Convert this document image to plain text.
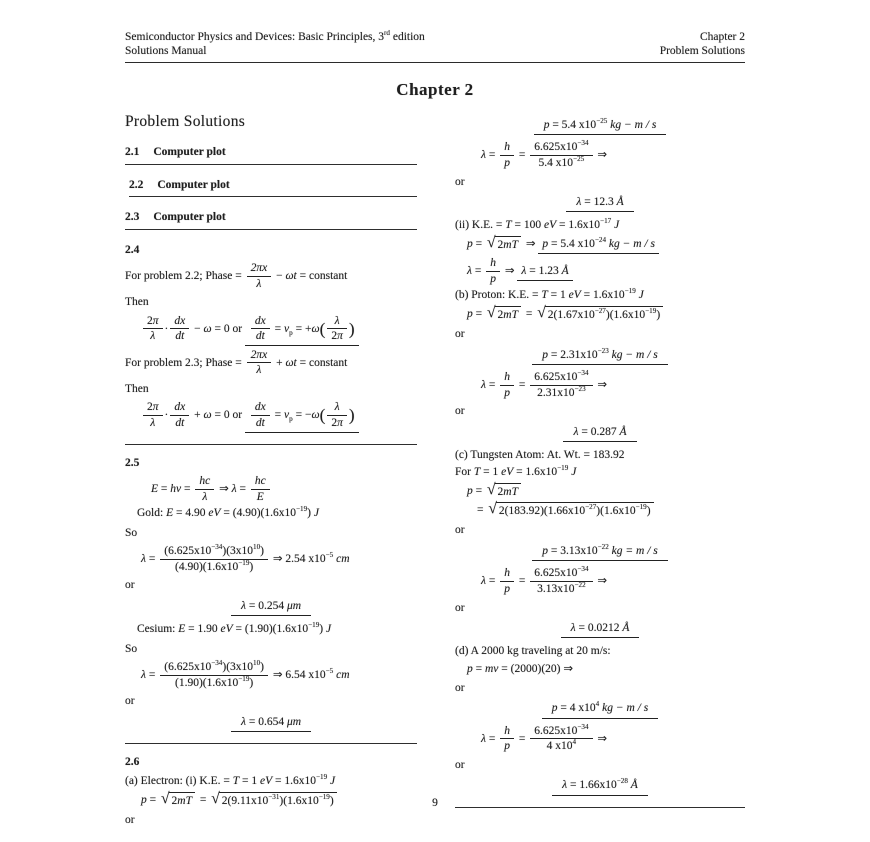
Semiconductor Physics and Devices: Basic Principles, 3rd edition
Solutions Manual
Chapter 2
Problem Solutions
Chapter 2
Problem Solutions
2.1 Computer plot
2.2 Computer plot
2.3 Computer plot
2.4
For problem 2.2; Phase = $\frac{2\pi x}{\lambda} - \omega t$ = constant
Then
$\frac{2\pi}{\lambda} \cdot \frac{dx}{dt} - \omega = 0$ or $\frac{dx}{dt} = v_p = +\omega( \frac{\lambda}{2\pi}$ )
For problem 2.3; Phase = $\frac{2\pi x}{\lambda} + \omega t$ = constant
Then
$\frac{2\pi}{\lambda} \cdot \frac{dx}{dt} + \omega = 0$ or $\frac{dx}{dt} = v_p = -\omega( \frac{\lambda}{2\pi}$ )
2.5
$E = h\nu = \frac{hc}{\lambda}$ ⇒ $\lambda = \frac{hc}{E}$
Gold: E = 4.90 eV = $(4.90)(1.6x10^{-19})$ J
So
$\lambda = \frac{(6.625x10^{-34})(3x10^{10})}{(4.90)(1.6x10^{-19})}$ ⇒ 2.54 $x10^{-5}$ cm
or
λ = 0.254 μm
Cesium: E = 1.90 eV = $(1.90)(1.6x10^{-19})$ J
So
$\lambda = \frac{(6.625x10^{-34})(3x10^{10})}{(1.90)(1.6x10^{-19})}$ ⇒ 6.54 $x10^{-5}$ cm
or
λ = 0.654 μm
2.6
(a) Electron: (i) K.E. = T = 1 eV = $1.6x10^{-19}$ J
p = √ 2mT = √ $2(9.11x10^{-31})(1.6x10^{-19})$
or
p = 5.4 $x10^{-25}$ kg − m / s
$\lambda = \frac{h}{p} = \frac{6.625x10^{-34}}{5.4 x10^{-25}}$ ⇒
or
λ = 12.3 Å
(ii) K.E. = T = 100 eV = $1.6x10^{-17}$ J
p = √ 2mT ⇒ p = 5.4 $x10^{-24}$ kg − m / s
$\lambda = \frac{h}{p}$ ⇒ λ = 1.23 Å
(b) Proton: K.E. = T = 1 eV = $1.6x10^{-19}$ J
p = √ 2mT = √ $2(1.67x10^{-27})(1.6x10^{-19})$
or
$p = 2.31x10^{-23}$ kg − m / s
$\lambda = \frac{h}{p} = \frac{6.625x10^{-34}}{2.31x10^{-23}}$ ⇒
or
λ = 0.287 Å
(c) Tungsten Atom: At. Wt. = 183.92
For T = 1 eV = $1.6x10^{-19}$ J
p = √ 2mT
= √ $2(183.92)(1.66x10^{-27})(1.6x10^{-19})$
or
$p = 3.13x10^{-22}$ kg = m / s
$\lambda = \frac{h}{p} = \frac{6.625x10^{-34}}{3.13x10^{-22}}$ ⇒
or
λ = 0.0212 Å
(d) A 2000 kg traveling at 20 m/s:
p = mv = (2000)(20) ⇒
or
p = 4 $x10^4$ kg − m / s
$\lambda = \frac{h}{p} = \frac{6.625x10^{-34}}{4 x10^4}$ ⇒
or
$\lambda = 1.66x10^{-28}$ Å
9
